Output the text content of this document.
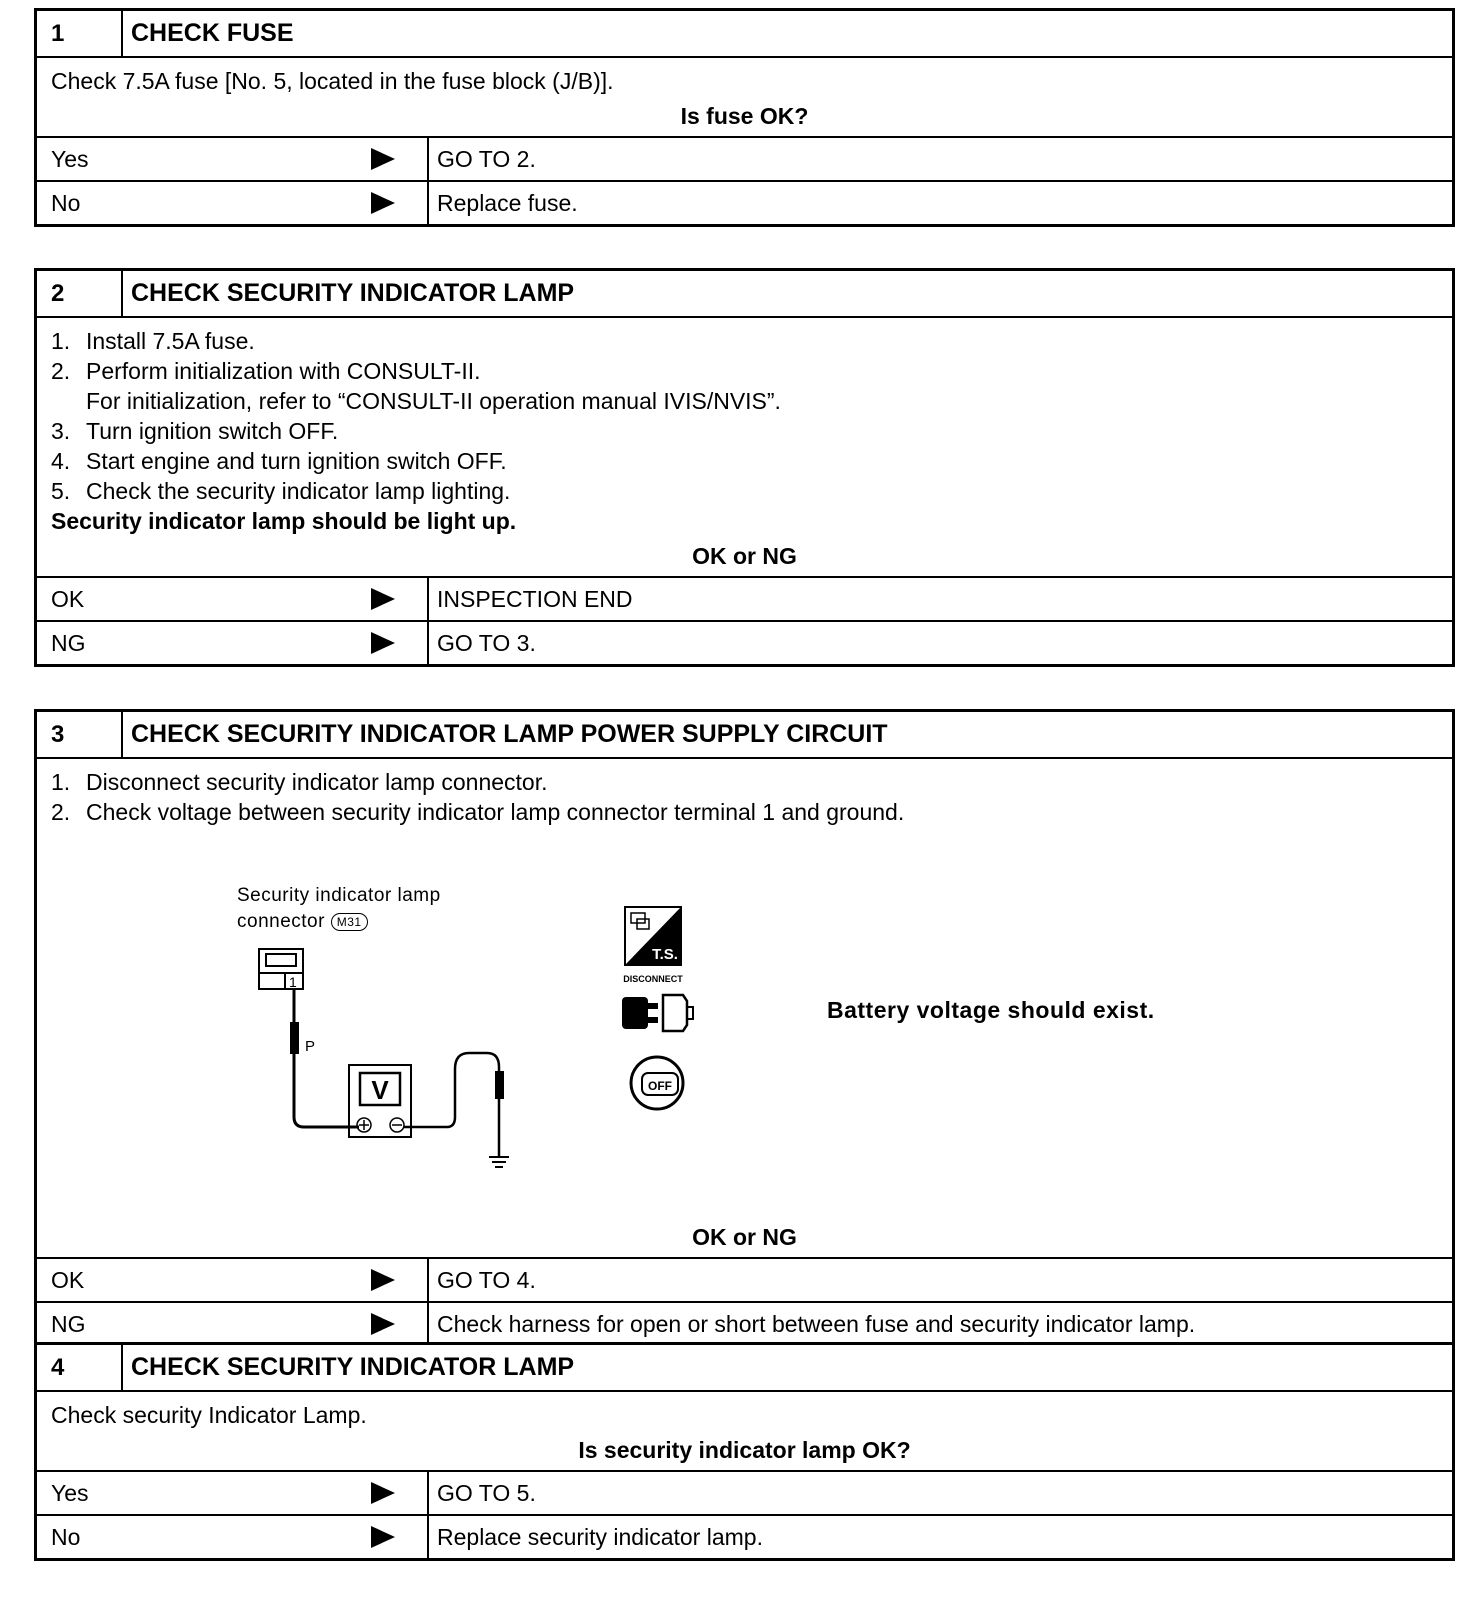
1	CHECK FUSE
Check 7.5A fuse [No. 5, located in the fuse block (J/B)].
Is fuse OK?
Yes	GO TO 2.
No	Replace fuse.
2	CHECK SECURITY INDICATOR LAMP
1. Install 7.5A fuse.
2. Perform initialization with CONSULT-II.
For initialization, refer to “CONSULT-II operation manual IVIS/NVIS”.
3. Turn ignition switch OFF.
4. Start engine and turn ignition switch OFF.
5. Check the security indicator lamp lighting.
Security indicator lamp should be light up.
OK or NG
OK	INSPECTION END
NG	GO TO 3.
3	CHECK SECURITY INDICATOR LAMP POWER SUPPLY CIRCUIT
1. Disconnect security indicator lamp connector.
2. Check voltage between security indicator lamp connector terminal 1 and ground.
Security indicator lamp
connector M31
1
P
V
T.S.
DISCONNECT
OFF
Battery voltage should exist.
OK or NG
OK	GO TO 4.
NG	Check harness for open or short between fuse and security indicator lamp.
4	CHECK SECURITY INDICATOR LAMP
Check security Indicator Lamp.
Is security indicator lamp OK?
Yes	GO TO 5.
No	Replace security indicator lamp.
